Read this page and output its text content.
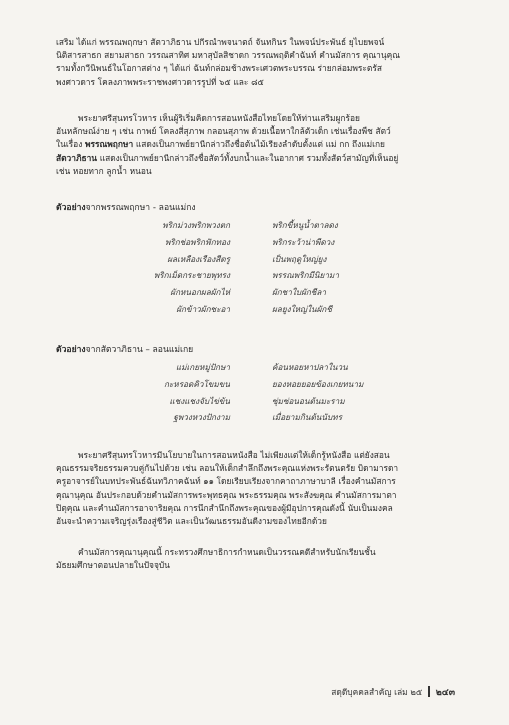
เสริม ได้แก่ พรรณพฤกษา สัตวาภิธาน ปกีรณำพจนาตถ์ จันทกินร ในพจน์ประพันธ์ ยุไบยพจน์
นิติสารสาธก สยามสาธก วรรณสาทิศ มหาสุบัลสิชาดก วรรณพฤติคำฉันท์ คำนมัสการ คุณานุคุณ
รามทั้งกวีนิพนธ์ในโอกาสต่าง ๆ ได้แก่ ฉันท์กล่อมช้างพระเศวตพระบรรณ ร่ายกล่อมพระตรัส
พงศาวดาร โคลงภาพพระราชพงศาวดารรูปที่ ๖๕ และ ๘๕

พระยาศรีสุนทรโวหาร เห็นผู้ริเริ่มคิดการสอนหนังสือไทยโดยให้ท่านเสริมผูกร้อย
อันหลักษณ์ง่าย ๆ เช่น กาพย์ โคลงสี่สุภาพ กลอนสุภาพ ด้วยเนื้อหาใกล้ตัวเด็ก เช่นเรื่องพืช สัตว์
ในเรื่อง พรรณพฤกษา แสดงเป็นกาพย์ยานีกล่าวถึงชื่อต้นไม้เรียงลำดับตั้งแต่ แม่ กก ถึงแม่เกย
สัตวาภิธาน แสดงเป็นกาพย์ยานีกล่าวถึงชื่อสัตว์ทั้งบกน้ำและในอากาศ รวมทั้งสัตว์สามัญที่เห็นอยู่
เช่น หอยทาก ลูกน้ำ หนอน

ตัวอย่างจากพรรณพฤกษา - ลอนแม่กง
พริกม่วงพริกพวงตก	พริกขี้หนูน้ำตาลดง
พริกช่อพริกฟักทอง	พริกระว้าน่าพีดวง
ผลเหลืองเรืองสีตรู	เป็นพฤดูใหญ่ยูง
พริกเม็ดกระชายพุทรง	พรรณพริกมีนิยามา
ผักหนอกผลผักไห่	ผักชาใบผักชีลา
ผักข้าวผักชะอา	ผลยูงใหญ่ในผักชี
ตัวอย่างจากสัตวาภิธาน – ลอนแม่เกย
แม่เกยหมู่ปักษา	ค้อนหอยหาปลาในวน
กะหรอดคิวโขมขน	ยองหอยยอยข้องเกยทนาม
แชงแชงจับไข่ข้น	ซุ่มซ่อนอนต้นมะราม
ฐพวงหวงปักงาม	เมื่อยามกินต้นนับทร

พระยาศรีสุนทรโวหารมีนโยบายในการสอนหนังสือ ไม่เพียงแต่ให้เด็กรู้หนังสือ แต่ยังสอน
คุณธรรมจริยธรรมควบคู่กันไปด้วย เช่น ลอนให้เด็กสำลึกถึงพระคุณแห่งพระรัตนตรัย บิดามารดา
ครูอาจารย์ในบทประพันธ์ฉันทวิภาคฉันท์ ๑๑ โดยเรียบเรียงจากคาถาภาษาบาลี เรื่องคำนมัสการ
คุณานุคุณ อันประกอบด้วยคำนมัสการพระพุทธคุณ พระธรรมคุณ พระสังฆคุณ คำนมัสการมาตา
ปิตุคุณ และคำนมัสการอาจาริยคุณ การนึกสำนึกถึงพระคุณของผู้มีอุปการคุณดังนี้ นับเป็นมงคล
อันจะนำความเจริญรุ่งเรืองสู่ชีวิต และเป็นวัฒนธรรมอันดีงามของไทยอีกด้วย

คำนมัสการคุณานุคุณนี้ กระทรวงศึกษาธิการกำหนดเป็นวรรณคดีสำหรับนักเรียนชั้น
มัธยมศึกษาตอนปลายในปัจจุบัน

สดุดีบุคคลสำคัญ เล่ม ๒๕ ๒๔๓
